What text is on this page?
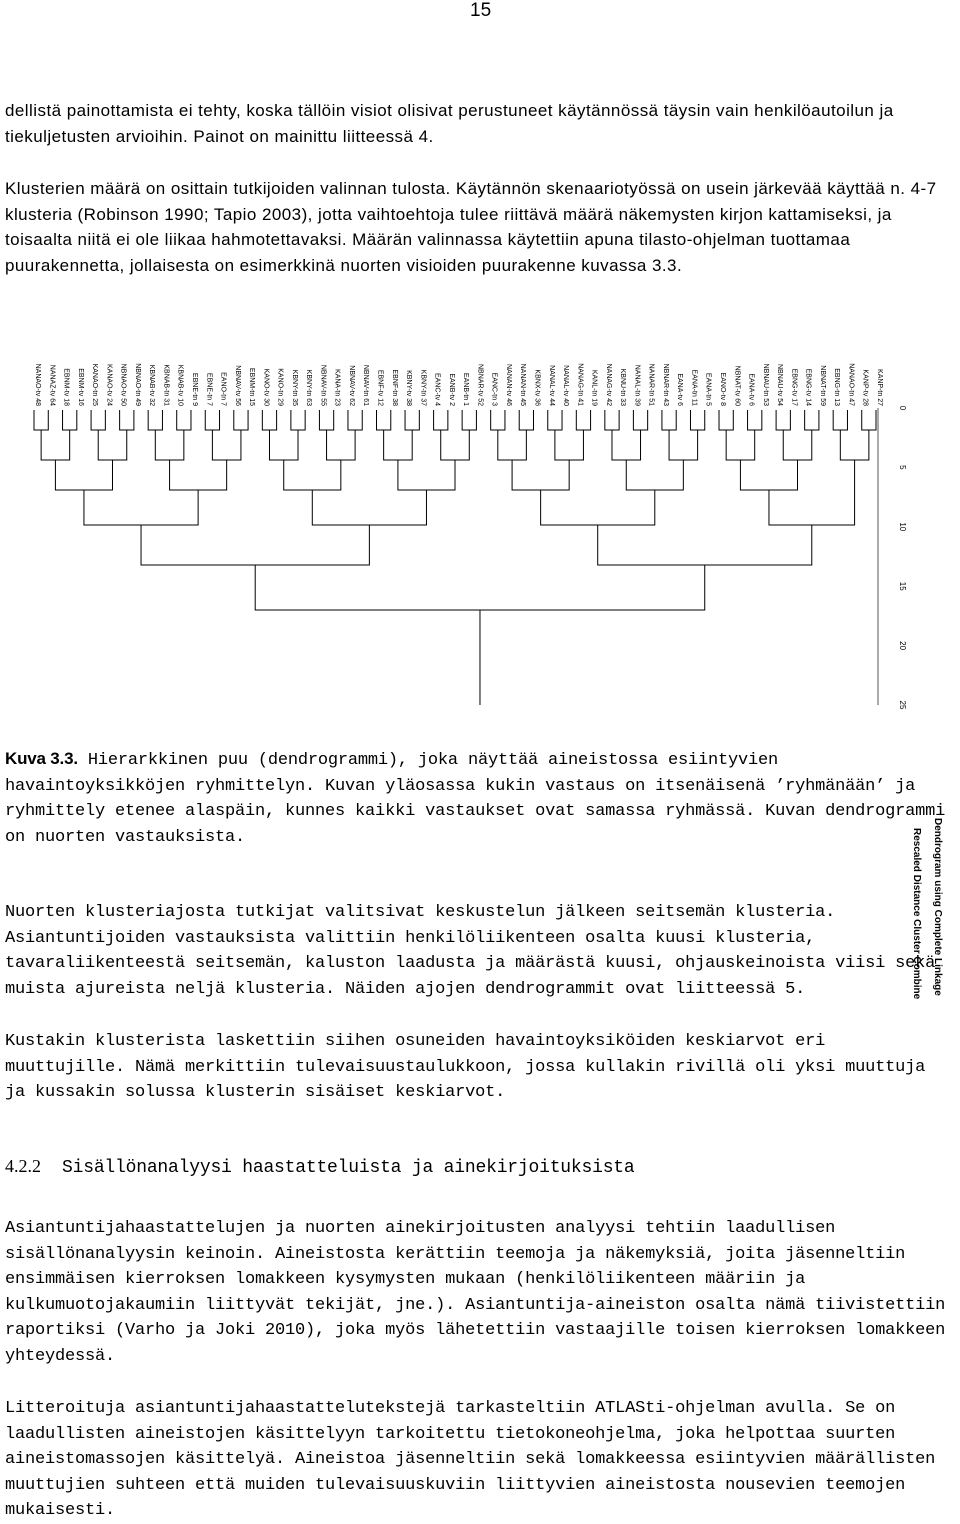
15
dellistä painottamista ei tehty, koska tällöin visiot olisivat perustuneet käytännössä täysin vain henkilöautoilun ja tiekuljetusten arvioihin. Painot on mainittu liitteessä 4.
Klusterien määrä on osittain tutkijoiden valinnan tulosta. Käytännön skenaariotyössä on usein järkevää käyttää n. 4-7 klusteria (Robinson 1990; Tapio 2003), jotta vaihtoehtoja tulee riittävä määrä näkemysten kirjon kattamiseksi, ja toisaalta niitä ei ole liikaa hahmotettavaksi. Määrän valinnassa käytettiin apuna tilasto-ohjelman tuottamaa puurakennetta, jollaisesta on esimerkkinä nuorten visioiden puurakenne kuvassa 3.3.
NANAO-tv 48 NANAZ-tv 64 EBNM-tv 18 EBNM-tv 16 KANAO-tn 25 KANAO-tv 24 NBNAO-tv 50 NBNAO-tn 49 KBNAB-tv 32 KBNAB-tn 31 KBNAB-tv 10 EBNE-tn 9 EBNE-tn 7 EANO-tn 7 NBNAV-tv 56 EBNM-tn 15 KANO-tv 30 KANO-tn 29 KBNY-tn 35 KBNY-tn 63 NBNAV-tn 55 KANA-tn 23 NBNAV-tv 62 NBNAV-tn 61 EBNF-tv 12 EBNF-tn 38 KBNY-tv 38 KBNY-tn 37 EANC-tv 4 EANB-tv 2 EANB-tn 1 NBNAR-tv 52 EANC-tn 3 NANAN-tv 46 NANAN-tn 45 KBNX-tv 36 NANAL-tv 44 NANAL-tv 40 NANAG-tn 41 KANL-tn 19 NANAG-tv 42 KBNU-tn 33 NANAL-tn 39 NANAR-tn 51 NBNAR-tn 43 EANA-tv 6 EANA-tn 11 EANA-tn 5 EANO-tv 8 NBNAT-tv 60 EANA-tv 6 NBNAU-tn 53 NBNAU-tv 54 EBNG-tv 17 EBNG-tv 14 NBNAT-tn 59 EBNG-tn 13 NANAO-tn 47 KANP-tv 28 KANP-tn 27
0
5
10
15
20
25
Dendrogram using Complete Linkage
Rescaled Distance Cluster Combine
Kuva 3.3. Hierarkkinen puu (dendrogrammi), joka näyttää aineistossa esiintyvien havaintoyksikköjen ryhmittelyn. Kuvan yläosassa kukin vastaus on itsenäisenä ’ryhmänään’ ja ryhmittely etenee alaspäin, kunnes kaikki vastaukset ovat samassa ryhmässä. Kuvan dendrogrammi on nuorten vastauksista.
Nuorten klusteriajosta tutkijat valitsivat keskustelun jälkeen seitsemän klusteria. Asiantuntijoiden vastauksista valittiin henkilöliikenteen osalta kuusi klusteria, tavaraliikenteestä seitsemän, kaluston laadusta ja määrästä kuusi, ohjauskeinoista viisi sekä muista ajureista neljä klusteria. Näiden ajojen dendrogrammit ovat liitteessä 5.
Kustakin klusterista laskettiin siihen osuneiden havaintoyksiköiden keskiarvot eri muuttujille. Nämä merkittiin tulevaisuustaulukkoon, jossa kullakin rivillä oli yksi muuttuja ja kussakin solussa klusterin sisäiset keskiarvot.
4.2.2 Sisällönanalyysi haastatteluista ja ainekirjoituksista
Asiantuntijahaastattelujen ja nuorten ainekirjoitusten analyysi tehtiin laadullisen sisällönanalyysin keinoin. Aineistosta kerättiin teemoja ja näkemyksiä, joita jäsenneltiin ensimmäisen kierroksen lomakkeen kysymysten mukaan (henkilöliikenteen määriin ja kulkumuotojakaumiin liittyvät tekijät, jne.). Asiantuntija-aineiston osalta nämä tiivistettiin raportiksi (Varho ja Joki 2010), joka myös lähetettiin vastaajille toisen kierroksen lomakkeen yhteydessä.
Litteroituja asiantuntijahaastattelutekstejä tarkasteltiin ATLASti-ohjelman avulla. Se on laadullisten aineistojen käsittelyyn tarkoitettu tietokoneohjelma, joka helpottaa suurten aineistomassojen käsittelyä. Aineistoa jäsenneltiin sekä lomakkeessa esiintyvien määrällisten muuttujien suhteen että muiden tulevaisuuskuviin liittyvien aineistosta nousevien teemojen mukaisesti.
